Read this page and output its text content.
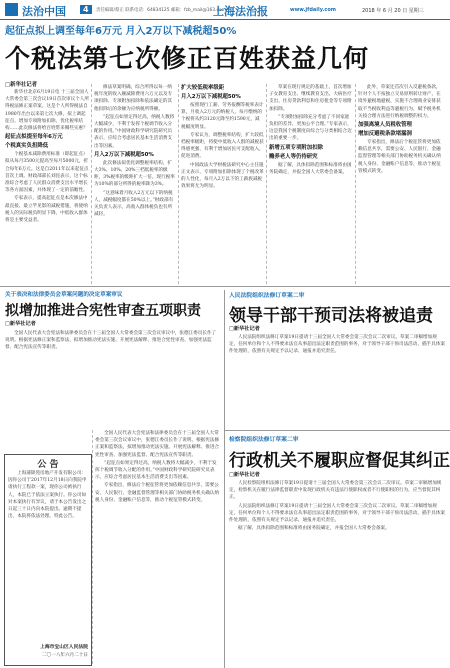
法治中国	4	责任编辑/蔡正 联系电话：64834125 邮箱：fzb_mail@163.com
上海法治报	www.jfdaily.com	2018 年 6 月 20 日 星期三
起征点拟上调至每年6万元 月入2万以下减税超50%
个税法第七次修正百姓获益几何
□新华社记者

新华社北京6月19日电 十三届全国人大常委会第三次会议19日首次审议个人所得税法修正案草案。这是个人所得税法自1980年出台以来第七次大修，拟上调起征点、增加专项附加扣除、优化税率结构……此次修法将给百姓带来哪些实惠？

起征点拟提至每年6万元

个税真实负担降低

个税基本减除费用标准（即起征点）拟从每月3500元提高至每月5000元，折合每年6万元。这是自2011年以来起征点首次上调。财政部部长刘昆表示，这个标准综合考虑了人民群众消费支出水平增长等各方面因素，并体现了一定的前瞻性。

专家表示，提高起征点是本次修法中最直接、最立竿见影的减税措施，将使纳税人的实际税负明显下降，中低收入群体将是主要受益者。

修法草案明确，综合所得以每一纳税年度的收入额减除费用六万元以及专项扣除、专项附加扣除和依法确定的其他扣除后的余额为应纳税所得额。

“起征点如果定得过高，纳税人数将大幅减少，不利于发挥个税调节收入分配的作用。”中国财政科学研究院研究员表示，应综合考虑居民基本生活消费支出等因素。

月入2万以下减税超50%

此次修法拟优化调整税率结构，扩大3%、10%、20%三档低税率的级距，3%税率的级距扩大一倍，现行税率为10%的部分所得的税率降为3%。

“这意味着月收入2万元以下的纳税人，减税幅度都在50%以上。”财政部有关负责人表示，高收入群体税负也有所减轻。

扩大较低税率级距

月入2万以下减税超50%

按照现行工薪、劳务报酬等税率表计算，月收入2万元的纳税人，每月缴纳的个税将从约3120元降至约1590元，减税幅度明显。

专家认为，调整税率结构，扩大较低档税率级距，将使中低收入人群的减税获得感更强，有利于增加居民可支配收入，促进消费。

中国政法大学财税法研究中心主任施正文表示，专项附加扣除体现了个税改革的人性化，每月入2万以下的工薪族减税效果将尤为明显。

草案在现行规定的基础上，首次增加子女教育支出、继续教育支出、大病医疗支出、住房贷款利息和住房租金等专项附加扣除。

“专项附加扣除充分考虑了不同家庭负担的差异，更加公平合理。”专家表示，这是我国个税制度向综合与分类相结合迈出的重要一步。

新增五项专项附加扣除

赡养老人等仍待研究

据了解，具体扣除范围和标准将由国务院确定，并报全国人大常委会备案。

此外，草案还首次引入反避税条款，针对个人不按独立交易原则转让财产、在境外避税地避税、实施不合理商业安排获取不当税收利益等避税行为，赋予税务机关按合理方法进行纳税调整的权力。

加强离境人员税收管理

增加反避税条款堵漏洞

专家指出，修法后个税征管将更加依赖信息共享，需要公安、人民银行、金融监督管理等相关部门协助税务机关确认纳税人身份、金融账户信息等，推动个税征管模式转变。

关于表决和法律委员会草案问题的决定草案审议
拟增加推进合宪性审查五项职责
□新华社记者

全国人民代表大会宪法和法律委员会在十三届全国人大常委会第三次会议审议中，张德江委员长作了说明。根据宪法修正案和监察法，拟增加推动宪法实施、开展宪法解释、推进合宪性审查、加强宪法监督、配合宪法宣传等职责。

人民法院组织法修订草案二审
领导干部干预司法将被追责
□新华社记者

人民法院组织法修订草案19日提请十三届全国人大常委会第三次会议二次审议。草案二审稿增加规定，任何单位和个人不得要求法官从事超出法定职责范围的事务，对于领导干部干预司法活动、插手具体案件处理的，依照有关规定予以记录、通报并追究责任。

公 告

上海蒲锦苑房地产开发有限公司：因你公司于2017年12月18日向我院申请执行工程款一案，现你公司被执行人，本院已于依法立案执行。你公司如对本案执行有异议，请于本公告发出之日起三十日内向本院提出。逾期不提出，本院将依法处理。特此公告。

上海市宝山区人民法院
二〇一八年六月二十日

全国人民代表大会宪法和法律委员会在十三届全国人大常委会第三次会议审议中，张德江委员长作了说明。根据宪法修正案和监察法，拟增加推动宪法实施、开展宪法解释、推进合宪性审查、加强宪法监督、配合宪法宣传等职责。

“起征点如果定得过高，纳税人数将大幅减少，不利于发挥个税调节收入分配的作用。”中国财政科学研究院研究员表示，应综合考虑居民基本生活消费支出等因素。

专家指出，修法后个税征管将更加依赖信息共享，需要公安、人民银行、金融监督管理等相关部门协助税务机关确认纳税人身份、金融账户信息等，推动个税征管模式转变。

检察院组织法修订草案二审
行政机关不履职应督促其纠正
□新华社记者

人民检察院组织法修订草案19日提请十三届全国人大常委会第三次会议二次审议。草案二审稿增加规定，检察机关在履行法律监督职责中发现行政机关有违法行使职权或者不行使职权的行为，应当督促其纠正。

人民法院组织法修订草案19日提请十三届全国人大常委会第三次会议二次审议。草案二审稿增加规定，任何单位和个人不得要求法官从事超出法定职责范围的事务，对于领导干部干预司法活动、插手具体案件处理的，依照有关规定予以记录、通报并追究责任。

据了解，具体扣除范围和标准将由国务院确定，并报全国人大常委会备案。
